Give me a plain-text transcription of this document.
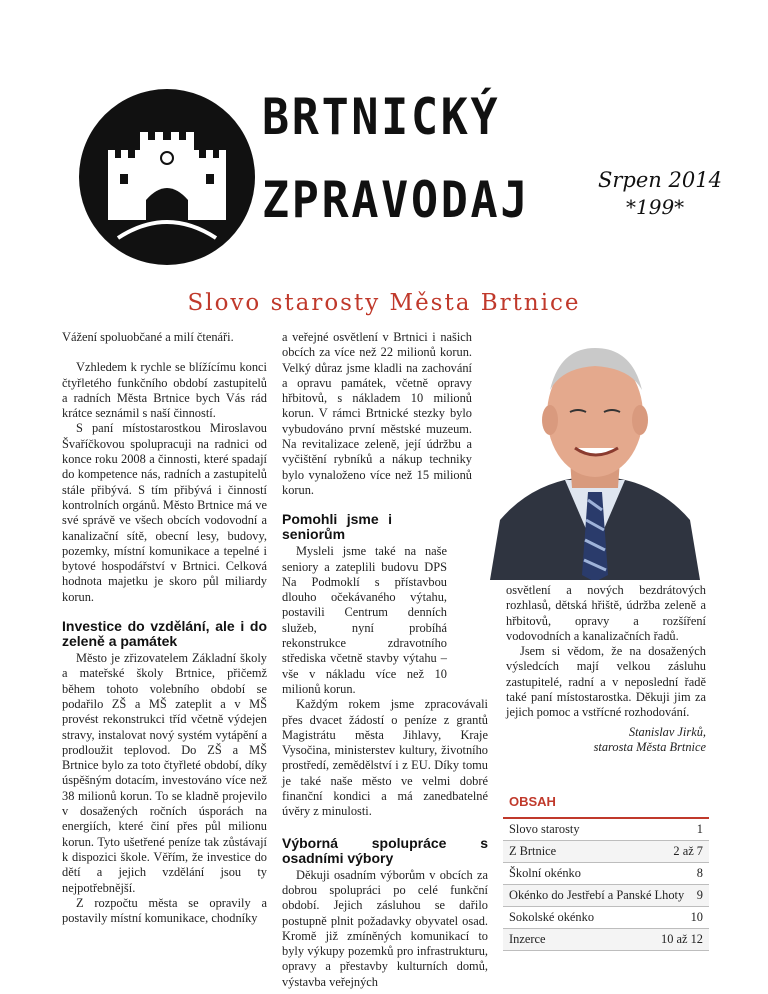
BRTNICKÝ
ZPRAVODAJ	Srpen 2014
*199*
Slovo starosty Města Brtnice

Vážení spoluobčané a milí čtenáři.

Vzhledem k rychle se blížícímu konci čtyřletého funkčního období zastupitelů a radních Města Brtnice bych Vás rád krátce seznámil s naší činností.

S paní místostarostkou Miroslavou Švaříčkovou spolupracuji na radnici od konce roku 2008 a činnosti, které spadají do kompetence nás, radních a zastupitelů stále přibývá. S tím přibývá i činností kontrolních orgánů. Město Brtnice má ve své správě ve všech obcích vodovodní a kanalizační sítě, obecní lesy, budovy, pozemky, místní komunikace a tepelné i bytové hospodářství v Brtnici. Celková hodnota majetku je skoro půl miliardy korun.

Investice do vzdělání, ale i do zeleně a památek

Město je zřizovatelem Základní školy a mateřské školy Brtnice, přičemž během tohoto volebního období se podařilo ZŠ a MŠ zateplit a v MŠ provést rekonstrukci tříd včetně výdejen stravy, instalovat nový systém vytápění a prodloužit teplovod. Do ZŠ a MŠ Brtnice bylo za toto čtyřleté období, díky úspěšným dotacím, investováno více než 38 milionů korun. To se kladně projevilo v dosažených ročních úsporách na energiích, které činí přes půl milionu korun. Tyto ušetřené peníze tak zůstávají k dispozici škole. Věřím, že investice do dětí a jejich vzdělání jsou ty nejpotřebnější.

Z rozpočtu města se opravily a postavily místní komunikace, chodníky

a veřejné osvětlení v Brtnici i našich obcích za více než 22 milionů korun. Velký důraz jsme kladli na zachování a opravu památek, včetně opravy hřbitovů, s nákladem 10 milionů korun. V rámci Brtnické stezky bylo vybudováno první městské muzeum. Na revitalizace zeleně, její údržbu a vyčištění rybníků a nákup techniky bylo vynaloženo více než 15 milionů korun.

Pomohli jsme i seniorům

Mysleli jsme také na naše seniory a zateplili budovu DPS Na Podmoklí s přístavbou dlouho očekávaného výtahu, postavili Centrum denních služeb, nyní probíhá rekonstrukce zdravotního střediska včetně stavby výtahu – vše v nákladu více než 10 milionů korun.

Každým rokem jsme zpracovávali přes dvacet žádostí o peníze z grantů Magistrátu města Jihlavy, Kraje Vysočina, ministerstev kultury, životního prostředí, zemědělství i z EU. Díky tomu je také naše město ve velmi dobré finanční kondici a má zanedbatelné úvěry z minulosti.

Výborná spolupráce s osadními výbory

Děkuji osadním výborům v obcích za dobrou spolupráci po celé funkční období. Jejich zásluhou se dařilo postupně plnit požadavky obyvatel osad. Kromě již zmíněných komunikací to byly výkupy pozemků pro infrastrukturu, opravy a přestavby kulturních domů, výstavba veřejných

osvětlení a nových bezdrátových rozhlasů, dětská hřiště, údržba zeleně a hřbitovů, opravy a rozšíření vodovodních a kanalizačních řadů.

Jsem si vědom, že na dosažených výsledcích mají velkou zásluhu zastupitelé, radní a v neposlední řadě také paní místostarostka. Děkuji jim za jejich pomoc a vstřícné rozhodování.

Stanislav Jirků,
starosta Města Brtnice
OBSAH
Slovo starosty	1
Z Brtnice	2 až 7
Školní okénko	8
Okénko do Jestřebí a Panské Lhoty 9
Sokolské okénko	10
Inzerce	10 až 12
